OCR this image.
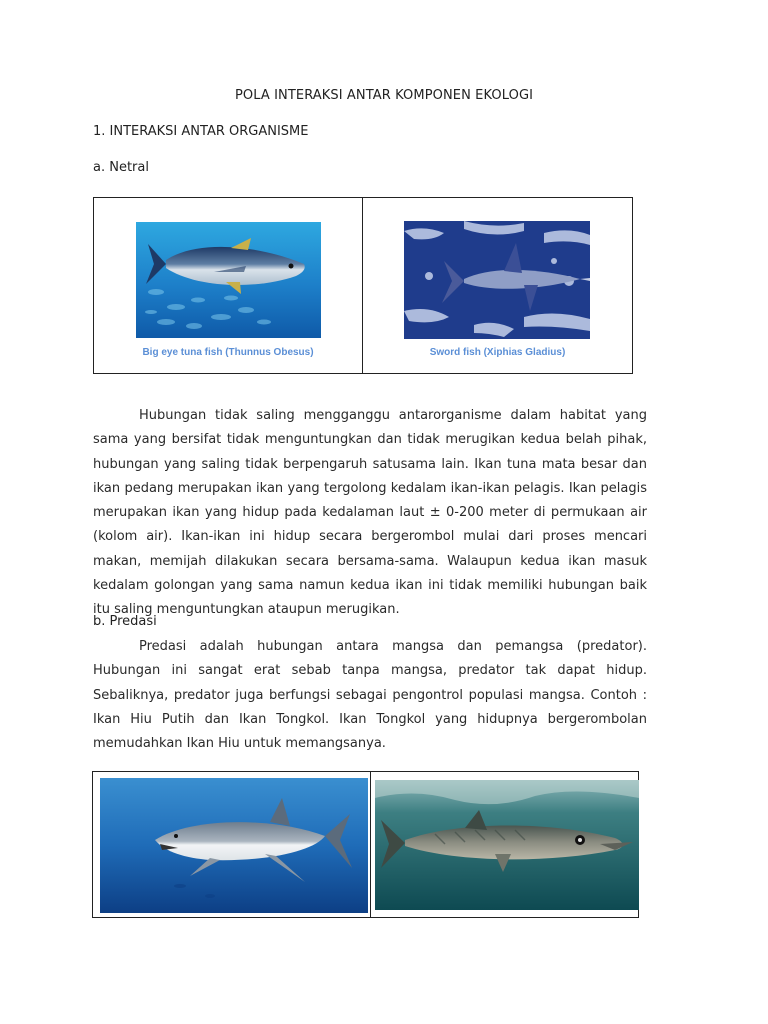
POLA INTERAKSI ANTAR KOMPONEN EKOLOGI
1. INTERAKSI ANTAR ORGANISME
a. Netral
Big eye tuna fish (Thunnus Obesus)	Sword fish (Xiphias Gladius)
Hubungan tidak saling mengganggu antarorganisme dalam habitat yang sama yang bersifat tidak menguntungkan dan tidak merugikan kedua belah pihak, hubungan yang saling tidak berpengaruh satusama lain. Ikan tuna mata besar dan ikan pedang merupakan ikan yang tergolong kedalam ikan-ikan pelagis. Ikan pelagis merupakan ikan yang hidup pada kedalaman laut ± 0-200 meter di permukaan air (kolom air). Ikan-ikan ini hidup secara bergerombol mulai dari proses mencari makan, memijah dilakukan secara bersama-sama. Walaupun kedua ikan masuk kedalam golongan yang sama namun kedua ikan ini tidak memiliki hubungan baik itu saling menguntungkan ataupun merugikan.
b. Predasi
Predasi adalah hubungan antara mangsa dan pemangsa (predator). Hubungan ini sangat erat sebab tanpa mangsa, predator tak dapat hidup. Sebaliknya, predator juga berfungsi sebagai pengontrol populasi mangsa. Contoh : Ikan Hiu Putih dan Ikan Tongkol. Ikan Tongkol yang hidupnya bergerombolan memudahkan Ikan Hiu untuk memangsanya.
